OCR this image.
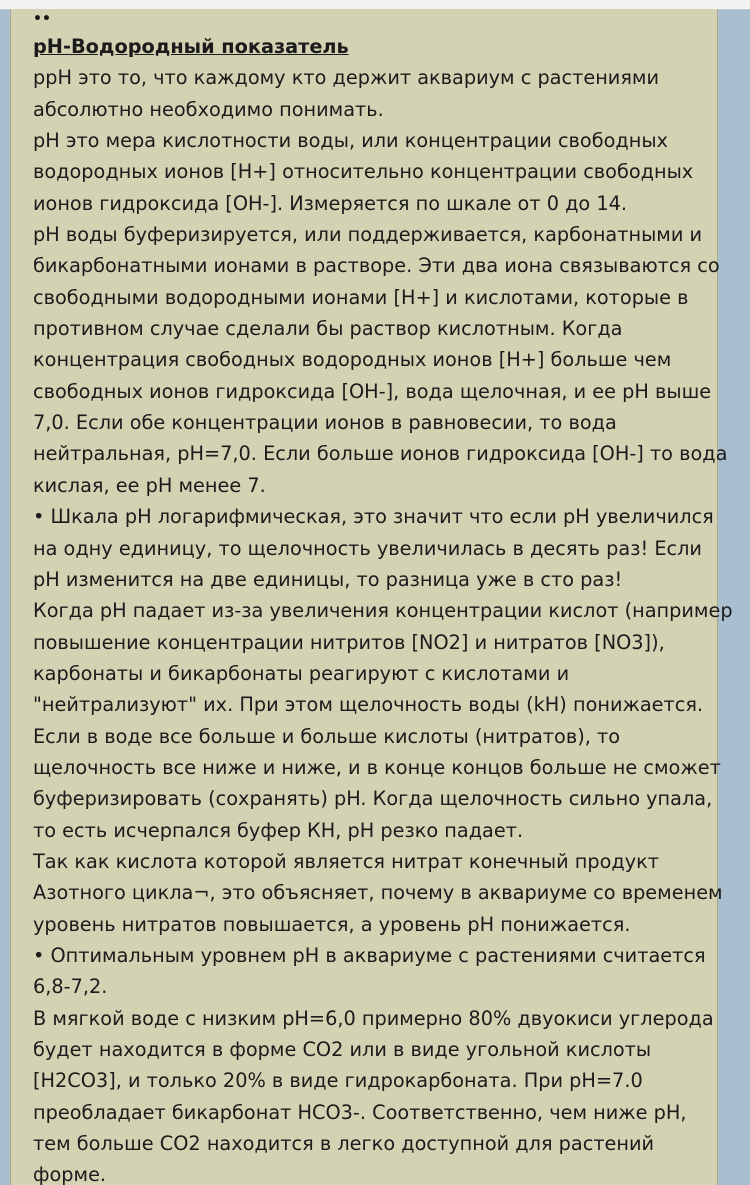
••
pH-Водородный показатель
ppH это то, что каждому кто держит аквариум с растениями
абсолютно необходимо понимать.
pH это мера кислотности воды, или концентрации свободных
водородных ионов [H+] относительно концентрации свободных
ионов гидроксида [OH-]. Измеряется по шкале от 0 до 14.
pH воды буферизируется, или поддерживается, карбонатными и
бикарбонатными ионами в растворе. Эти два иона связываются со
свободными водородными ионами [H+] и кислотами, которые в
противном случае сделали бы раствор кислотным. Когда
концентрация свободных водородных ионов [H+] больше чем
свободных ионов гидроксида [OH-], вода щелочная, и ее pH выше
7,0. Если обе концентрации ионов в равновесии, то вода
нейтральная, pH=7,0. Если больше ионов гидроксида [OH-] то вода
кислая, ее pH менее 7.
• Шкала pH логарифмическая, это значит что если pH увеличился
на одну единицу, то щелочность увеличилась в десять раз! Если
pH изменится на две единицы, то разница уже в сто раз!
Когда pH падает из-за увеличения концентрации кислот (например
повышение концентрации нитритов [NO2] и нитратов [NO3]),
карбонаты и бикарбонаты реагируют с кислотами и
"нейтрализуют" их. При этом щелочность воды (kH) понижается.
Если в воде все больше и больше кислоты (нитратов), то
щелочность все ниже и ниже, и в конце концов больше не сможет
буферизировать (сохранять) pH. Когда щелочность сильно упала,
то есть исчерпался буфер КН, pH резко падает.
Так как кислота которой является нитрат конечный продукт
Азотного цикла¬, это объясняет, почему в аквариуме со временем
уровень нитратов повышается, а уровень pH понижается.
• Оптимальным уровнем pH в аквариуме с растениями считается
6,8-7,2.
В мягкой воде с низким pH=6,0 примерно 80% двуокиси углерода
будет находится в форме CO2 или в виде угольной кислоты
[H2CO3], и только 20% в виде гидрокарбоната. При pH=7.0
преобладает бикарбонат HCO3-. Соответственно, чем ниже pH,
тем больше CO2 находится в легко доступной для растений
форме.
